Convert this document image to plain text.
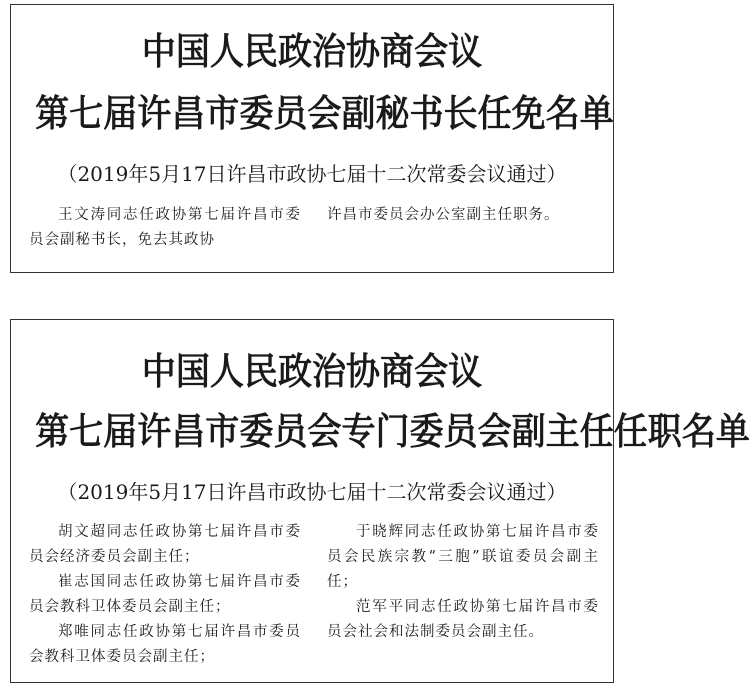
中国人民政治协商会议
第七届许昌市委员会副秘书长任免名单

（2019年5月17日许昌市政协七届十二次常委会议通过）

王文涛同志任政协第七届许昌市委员会副秘书长，免去其政协

许昌市委员会办公室副主任职务。

中国人民政治协商会议
第七届许昌市委员会专门委员会副主任任职名单

（2019年5月17日许昌市政协七届十二次常委会议通过）

胡文超同志任政协第七届许昌市委员会经济委员会副主任；

崔志国同志任政协第七届许昌市委员会教科卫体委员会副主任；

郑唯同志任政协第七届许昌市委员会教科卫体委员会副主任；

于晓辉同志任政协第七届许昌市委员会民族宗教“三胞”联谊委员会副主任；

范军平同志任政协第七届许昌市委员会社会和法制委员会副主任。
